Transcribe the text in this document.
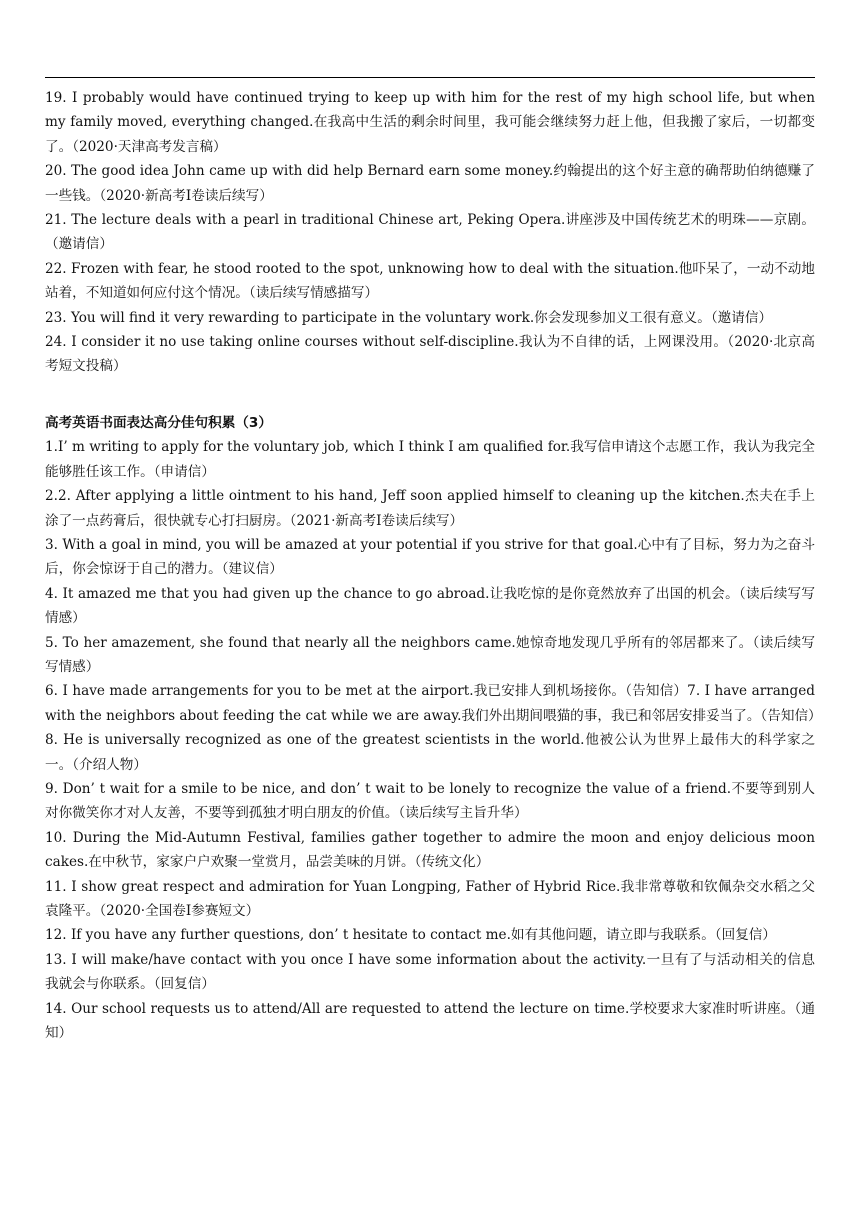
19. I probably would have continued trying to keep up with him for the rest of my high school life, but when my family moved, everything changed.在我高中生活的剩余时间里，我可能会继续努力赶上他，但我搬了家后，一切都变了。（2020·天津高考发言稿）

20. The good idea John came up with did help Bernard earn some money.约翰提出的这个好主意的确帮助伯纳德赚了一些钱。（2020·新高考Ⅰ卷读后续写）

21. The lecture deals with a pearl in traditional Chinese art, Peking Opera.讲座涉及中国传统艺术的明珠——京剧。（邀请信）

22. Frozen with fear, he stood rooted to the spot, unknowing how to deal with the situation.他吓呆了，一动不动地站着，不知道如何应付这个情况。（读后续写情感描写）

23. You will find it very rewarding to participate in the voluntary work.你会发现参加义工很有意义。（邀请信）

24. I consider it no use taking online courses without self-discipline.我认为不自律的话，上网课没用。（2020·北京高考短文投稿）

高考英语书面表达高分佳句积累（3）

1.I’ m writing to apply for the voluntary job, which I think I am qualified for.我写信申请这个志愿工作，我认为我完全能够胜任该工作。（申请信）

2.2. After applying a little ointment to his hand, Jeff soon applied himself to cleaning up the kitchen.杰夫在手上涂了一点药膏后，很快就专心打扫厨房。（2021·新高考Ⅰ卷读后续写）

3. With a goal in mind, you will be amazed at your potential if you strive for that goal.心中有了目标，努力为之奋斗后，你会惊讶于自己的潜力。（建议信）

4. It amazed me that you had given up the chance to go abroad.让我吃惊的是你竟然放弃了出国的机会。（读后续写写情感）

5. To her amazement, she found that nearly all the neighbors came.她惊奇地发现几乎所有的邻居都来了。（读后续写写情感）

6. I have made arrangements for you to be met at the airport.我已安排人到机场接你。（告知信）7. I have arranged with the neighbors about feeding the cat while we are away.我们外出期间喂猫的事，我已和邻居安排妥当了。（告知信）

8. He is universally recognized as one of the greatest scientists in the world.他被公认为世界上最伟大的科学家之一。（介绍人物）

9. Don’ t wait for a smile to be nice, and don’ t wait to be lonely to recognize the value of a friend.不要等到别人对你微笑你才对人友善，不要等到孤独才明白朋友的价值。（读后续写主旨升华）

10. During the Mid-Autumn Festival, families gather together to admire the moon and enjoy delicious moon cakes.在中秋节，家家户户欢聚一堂赏月，品尝美味的月饼。（传统文化）

11. I show great respect and admiration for Yuan Longping, Father of Hybrid Rice.我非常尊敬和钦佩杂交水稻之父袁隆平。（2020·全国卷Ⅰ参赛短文）

12. If you have any further questions, don’ t hesitate to contact me.如有其他问题，请立即与我联系。（回复信）

13. I will make/have contact with you once I have some information about the activity.一旦有了与活动相关的信息我就会与你联系。（回复信）

14. Our school requests us to attend/All are requested to attend the lecture on time.学校要求大家准时听讲座。（通知）
